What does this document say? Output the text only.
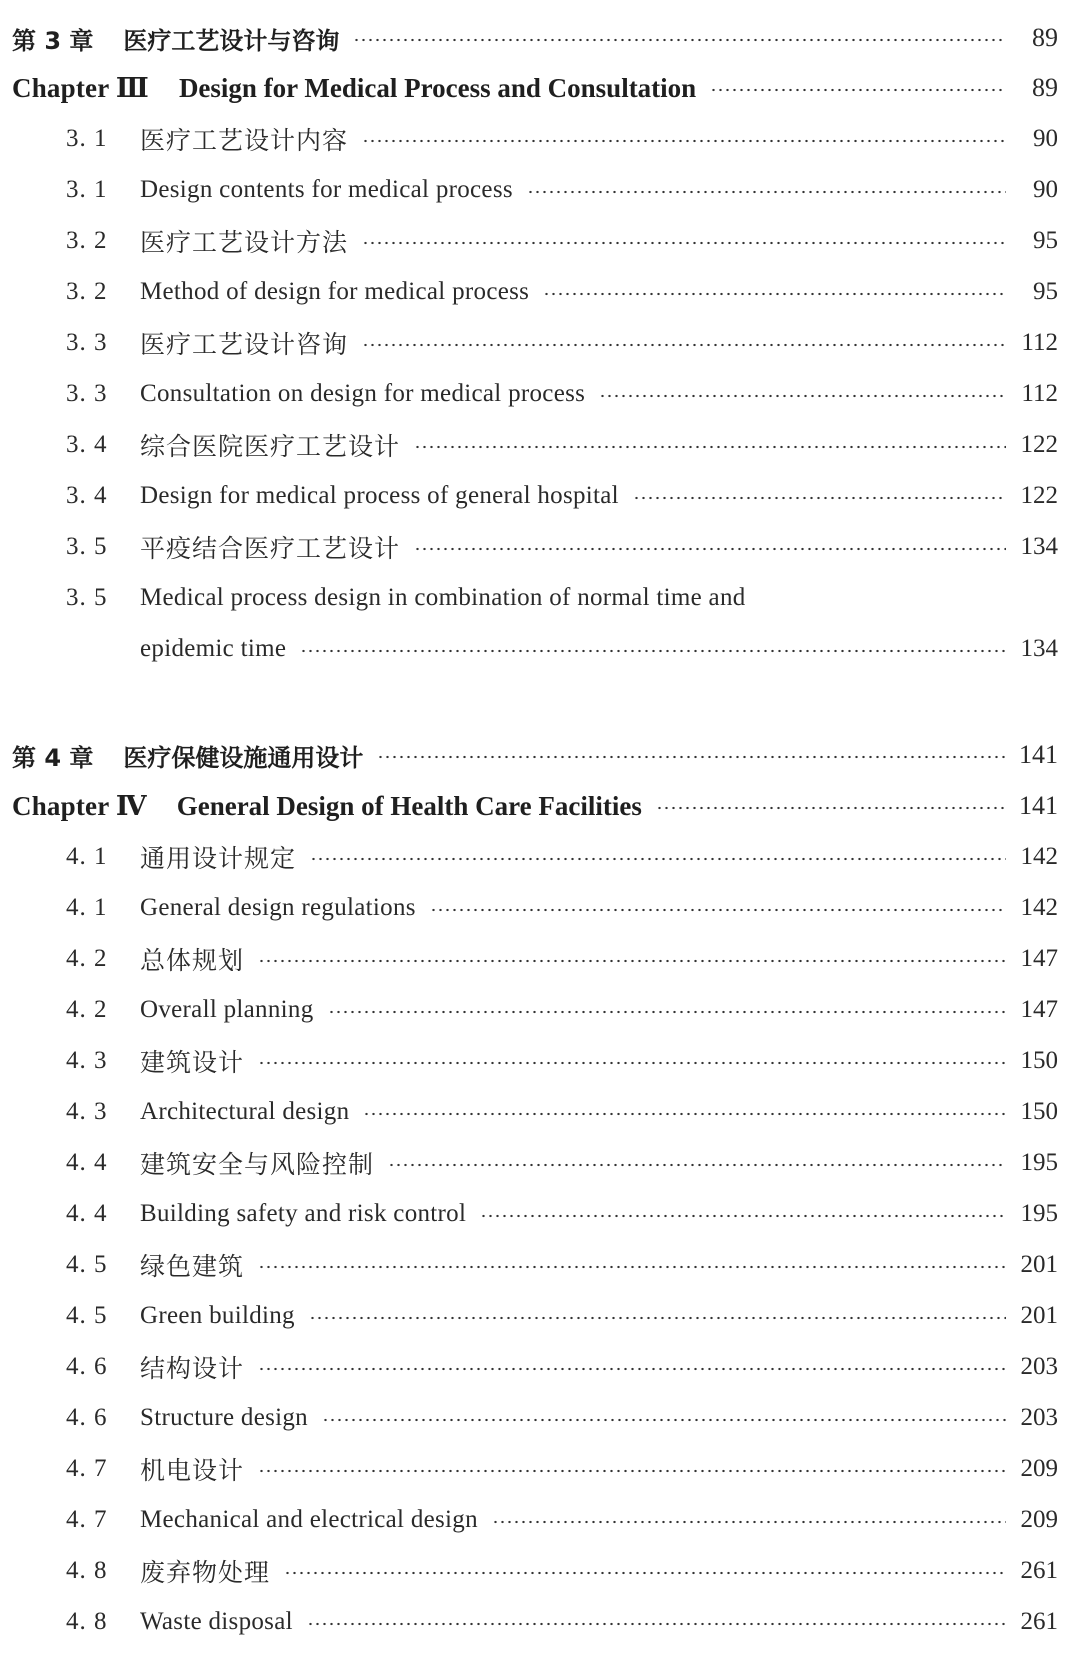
第 3 章	医疗工艺设计与咨询	89
Chapter Ⅲ	Design for Medical Process and Consultation	89
3. 1	医疗工艺设计内容	90
3. 1	Design contents for medical process	90
3. 2	医疗工艺设计方法	95
3. 2	Method of design for medical process	95
3. 3	医疗工艺设计咨询	112
3. 3	Consultation on design for medical process	112
3. 4	综合医院医疗工艺设计	122
3. 4	Design for medical process of general hospital	122
3. 5	平疫结合医疗工艺设计	134
3. 5	Medical process design in combination of normal time and
epidemic time	134
第 4 章	医疗保健设施通用设计	141
Chapter Ⅳ	General Design of Health Care Facilities	141
4. 1	通用设计规定	142
4. 1	General design regulations	142
4. 2	总体规划	147
4. 2	Overall planning	147
4. 3	建筑设计	150
4. 3	Architectural design	150
4. 4	建筑安全与风险控制	195
4. 4	Building safety and risk control	195
4. 5	绿色建筑	201
4. 5	Green building	201
4. 6	结构设计	203
4. 6	Structure design	203
4. 7	机电设计	209
4. 7	Mechanical and electrical design	209
4. 8	废弃物处理	261
4. 8	Waste disposal	261
